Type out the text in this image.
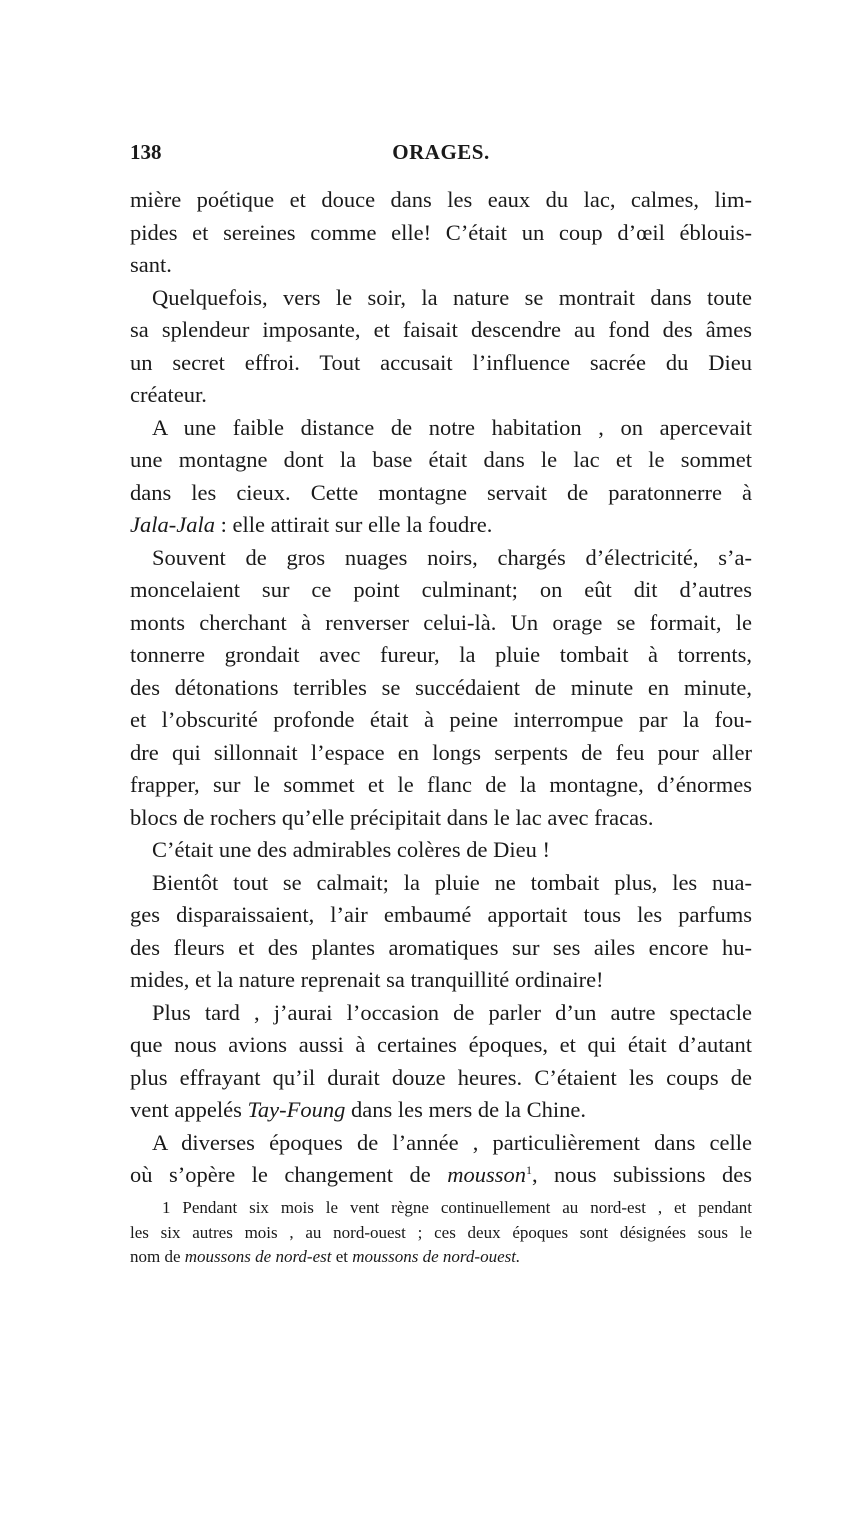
138	ORAGES.
mière poétique et douce dans les eaux du lac, calmes, lim-
pides et sereines comme elle! C’était un coup d’œil éblouis-
sant.
Quelquefois, vers le soir, la nature se montrait dans toute
sa splendeur imposante, et faisait descendre au fond des âmes
un secret effroi. Tout accusait l’influence sacrée du Dieu
créateur.
A une faible distance de notre habitation , on apercevait
une montagne dont la base était dans le lac et le sommet
dans les cieux. Cette montagne servait de paratonnerre à
Jala-Jala : elle attirait sur elle la foudre.
Souvent de gros nuages noirs, chargés d’électricité, s’a-
moncelaient sur ce point culminant; on eût dit d’autres
monts cherchant à renverser celui-là. Un orage se formait, le
tonnerre grondait avec fureur, la pluie tombait à torrents,
des détonations terribles se succédaient de minute en minute,
et l’obscurité profonde était à peine interrompue par la fou-
dre qui sillonnait l’espace en longs serpents de feu pour aller
frapper, sur le sommet et le flanc de la montagne, d’énormes
blocs de rochers qu’elle précipitait dans le lac avec fracas.
C’était une des admirables colères de Dieu !
Bientôt tout se calmait; la pluie ne tombait plus, les nua-
ges disparaissaient, l’air embaumé apportait tous les parfums
des fleurs et des plantes aromatiques sur ses ailes encore hu-
mides, et la nature reprenait sa tranquillité ordinaire!
Plus tard , j’aurai l’occasion de parler d’un autre spectacle
que nous avions aussi à certaines époques, et qui était d’autant
plus effrayant qu’il durait douze heures. C’étaient les coups de
vent appelés Tay-Foung dans les mers de la Chine.
A diverses époques de l’année , particulièrement dans celle
où s’opère le changement de mousson$^1$, nous subissions des
1 Pendant six mois le vent règne continuellement au nord-est , et pendant
les six autres mois , au nord-ouest ; ces deux époques sont désignées sous le
nom de moussons de nord-est et moussons de nord-ouest.
